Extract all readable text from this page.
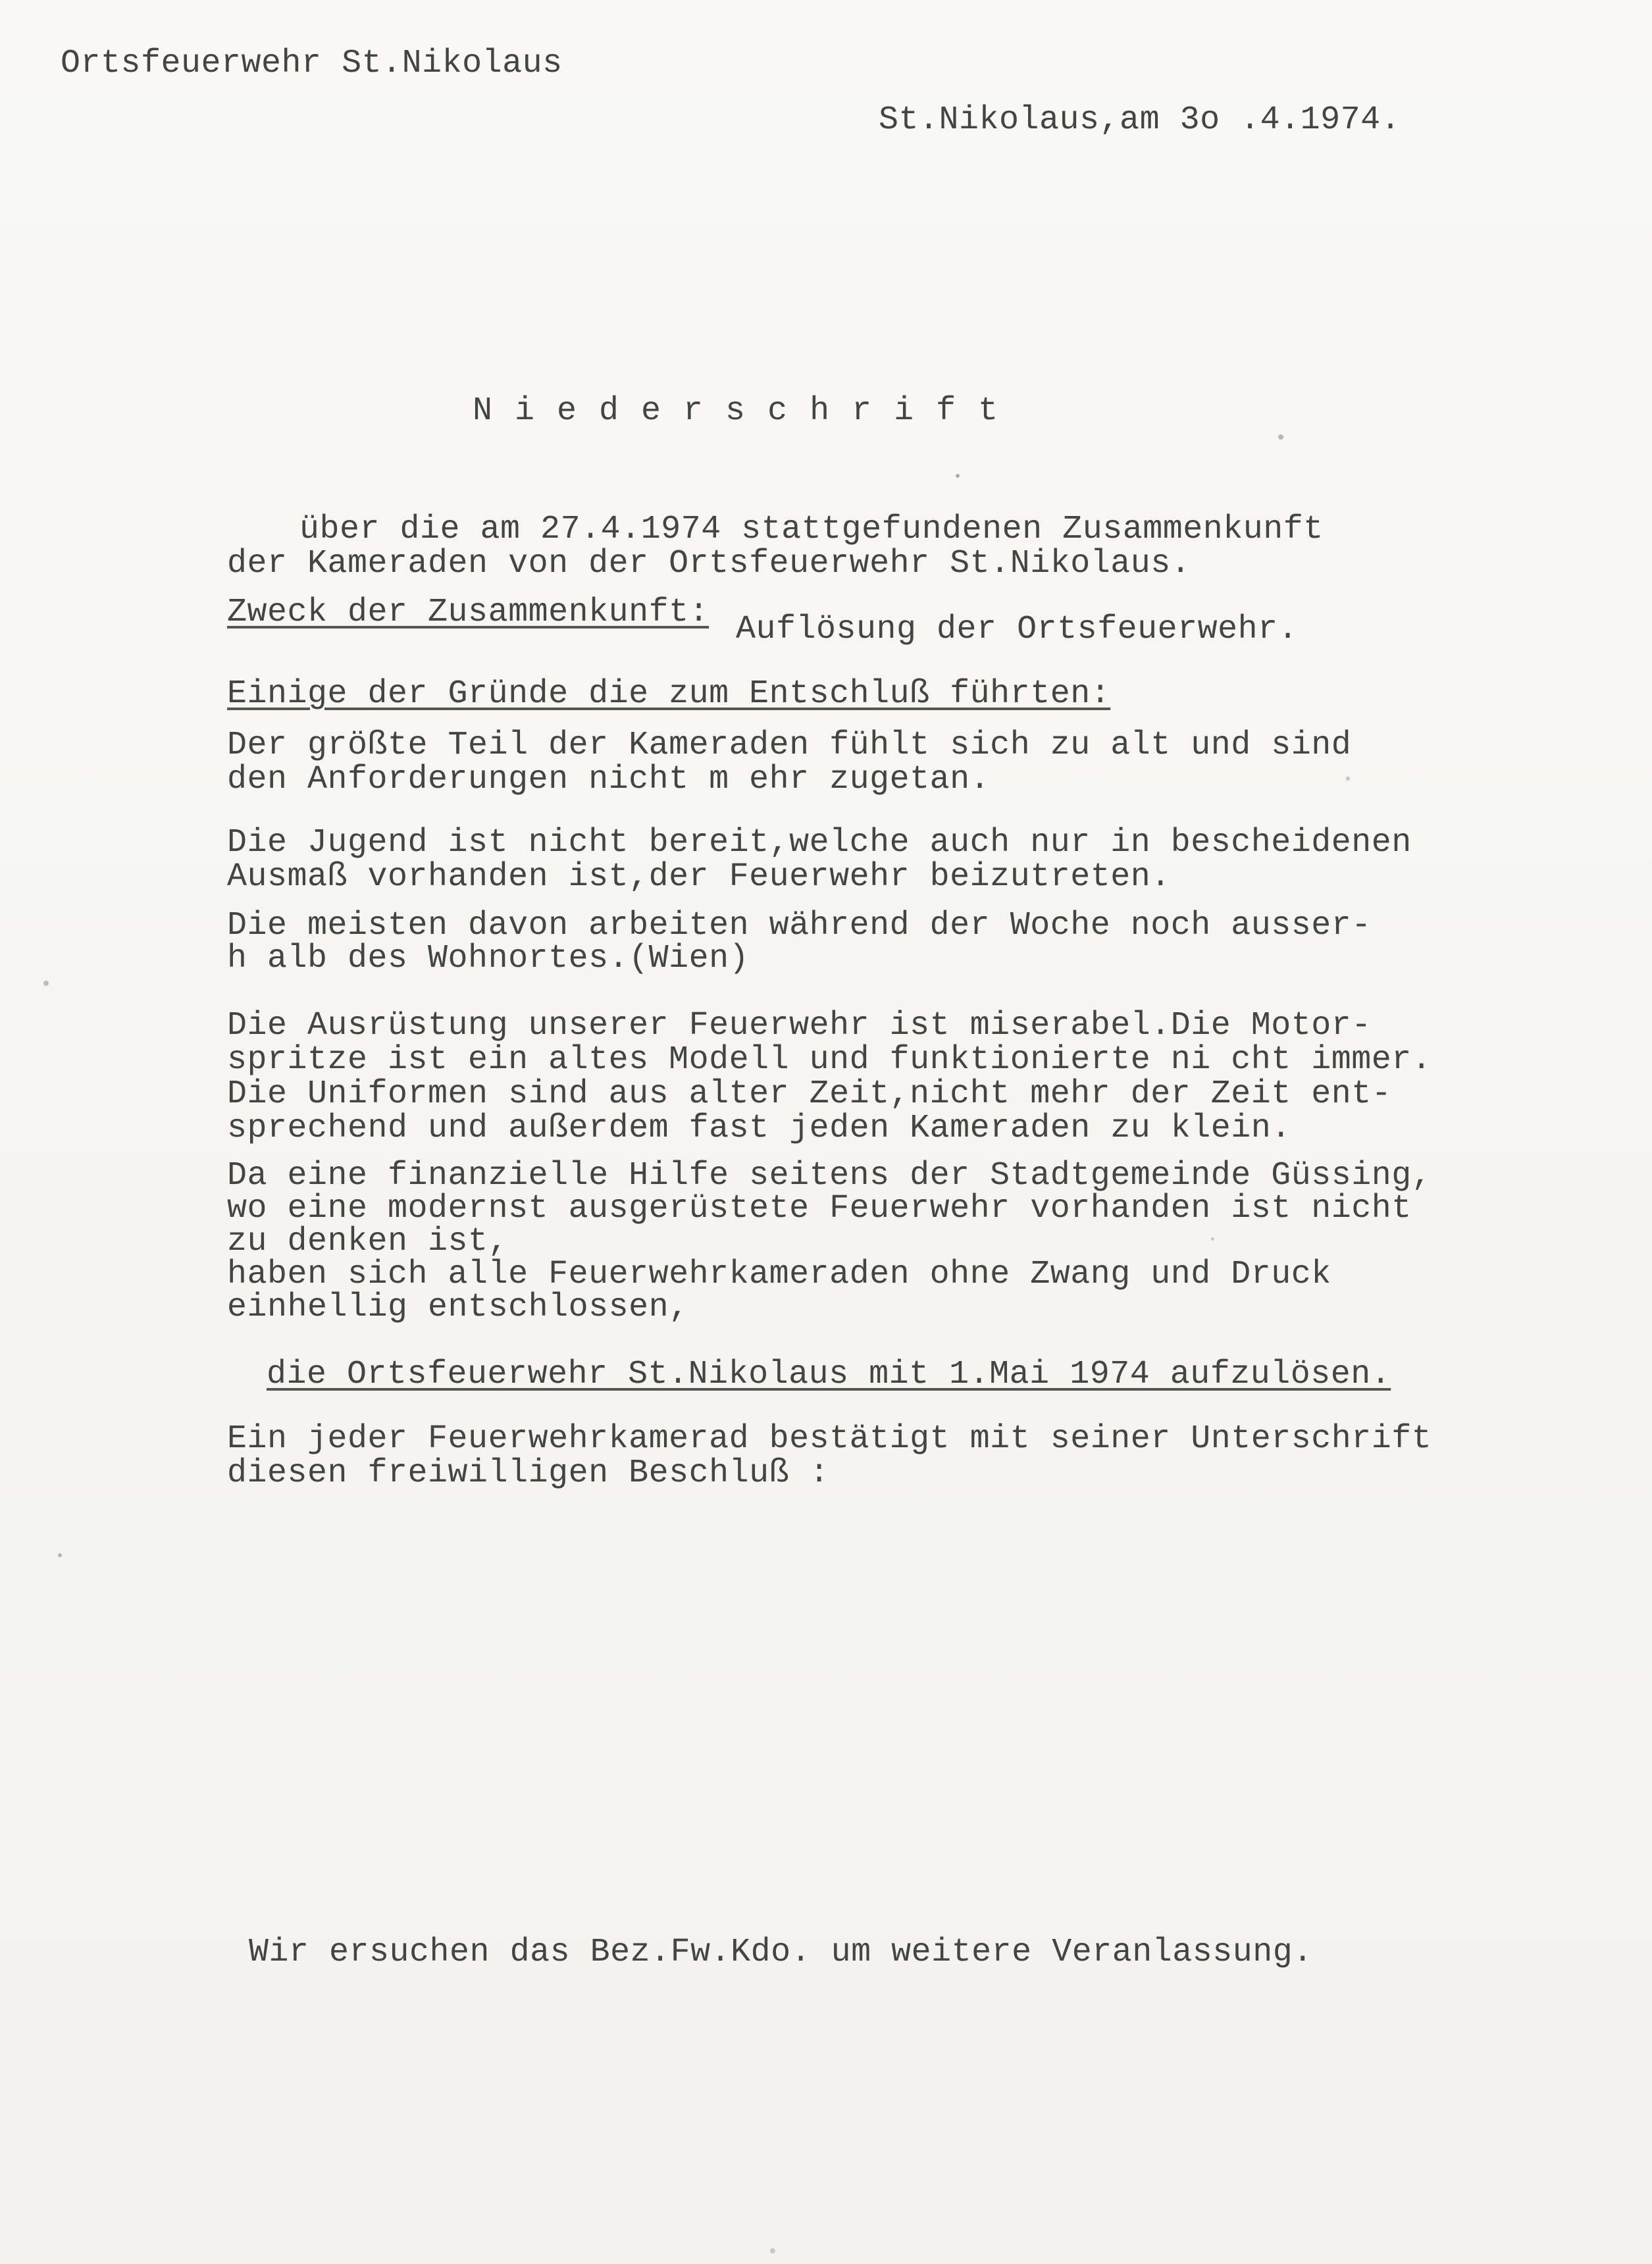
Ortsfeuerwehr St.Nikolaus
St.Nikolaus,am 3o .4.1974.
N i e d e r s c h r i f t
über die am 27.4.1974 stattgefundenen Zusammenkunft
der Kameraden von der Ortsfeuerwehr St.Nikolaus.
Zweck der Zusammenkunft: Auflösung der Ortsfeuerwehr.
Einige der Gründe die zum Entschluß führten:
Der größte Teil der Kameraden fühlt sich zu alt und sind
den Anforderungen nicht m ehr zugetan.
Die Jugend ist nicht bereit,welche auch nur in bescheidenen
Ausmaß vorhanden ist,der Feuerwehr beizutreten.
Die meisten davon arbeiten während der Woche noch ausser-
h alb des Wohnortes.(Wien)
Die Ausrüstung unserer Feuerwehr ist miserabel.Die Motor-
spritze ist ein altes Modell und funktionierte ni cht immer.
Die Uniformen sind aus alter Zeit,nicht mehr der Zeit ent-
sprechend und außerdem fast jeden Kameraden zu klein.
Da eine finanzielle Hilfe seitens der Stadtgemeinde Güssing,
wo eine modernst ausgerüstete Feuerwehr vorhanden ist nicht
zu denken ist,
haben sich alle Feuerwehrkameraden ohne Zwang und Druck
einhellig entschlossen,
die Ortsfeuerwehr St.Nikolaus mit 1.Mai 1974 aufzulösen.
Ein jeder Feuerwehrkamerad bestätigt mit seiner Unterschrift
diesen freiwilligen Beschluß :
Wir ersuchen das Bez.Fw.Kdo. um weitere Veranlassung.
